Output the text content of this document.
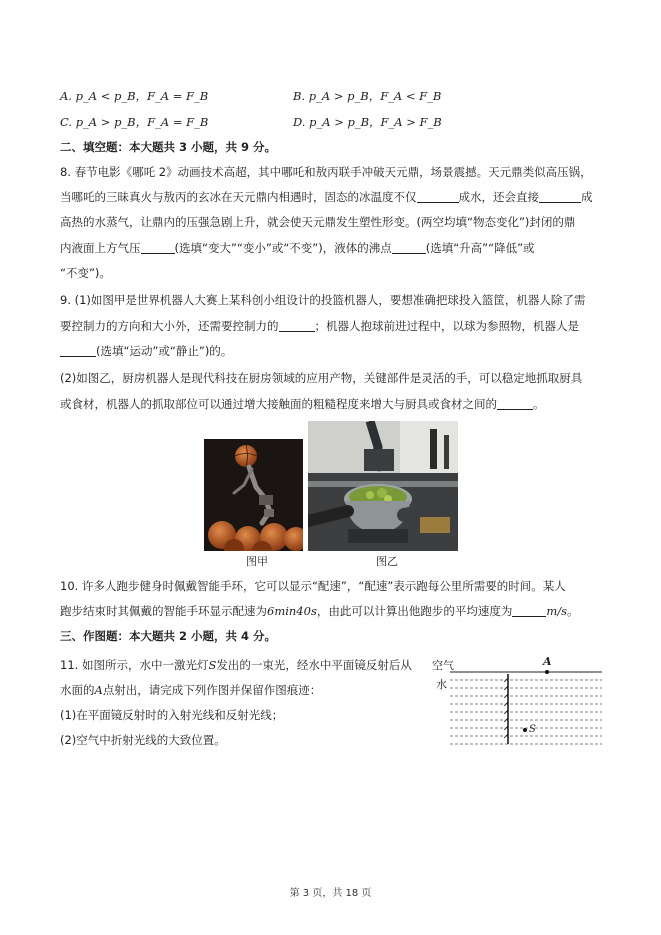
A. p_A < p_B，F_A = F_B	B. p_A > p_B，F_A < F_B
C. p_A > p_B，F_A = F_B	D. p_A > p_B，F_A > F_B
二、填空题：本大题共 3 小题，共 9 分。
8. 春节电影《哪吒 2》动画技术高超，其中哪吒和敖丙联手冲破天元鼎，场景震撼。天元鼎类似高压锅，
当哪吒的三昧真火与敖丙的玄冰在天元鼎内相遇时，固态的冰温度不仅	成水，还会直接	成
高热的水蒸气，让鼎内的压强急剧上升，就会使天元鼎发生塑性形变。(两空均填“物态变化”)封闭的鼎
内液面上方气压	(选填“变大”“变小”或“不变”)，液体的沸点	(选填“升高”“降低”或
“不变”)。
9. (1)如图甲是世界机器人大赛上某科创小组设计的投篮机器人，要想准确把球投入篮筐，机器人除了需
要控制力的方向和大小外，还需要控制力的	；机器人抱球前进过程中，以球为参照物，机器人是
(选填“运动”或“静止”)的。
(2)如图乙，厨房机器人是现代科技在厨房领域的应用产物，关键部件是灵活的手，可以稳定地抓取厨具
或食材，机器人的抓取部位可以通过增大接触面的粗糙程度来增大与厨具或食材之间的	。
图甲	图乙
10. 许多人跑步健身时佩戴智能手环，它可以显示“配速”，“配速”表示跑每公里所需要的时间。某人
跑步结束时其佩戴的智能手环显示配速为6min40s，由此可以计算出他跑步的平均速度为	m/s。
三、作图题：本大题共 2 小题，共 4 分。
11. 如图所示，水中一激光灯S发出的一束光，经水中平面镜反射后从
水面的A点射出，请完成下列作图并保留作图痕迹：
(1)在平面镜反射时的入射光线和反射光线；
(2)空气中折射光线的大致位置。
空气
水
A
S
第 3 页，共 18 页
